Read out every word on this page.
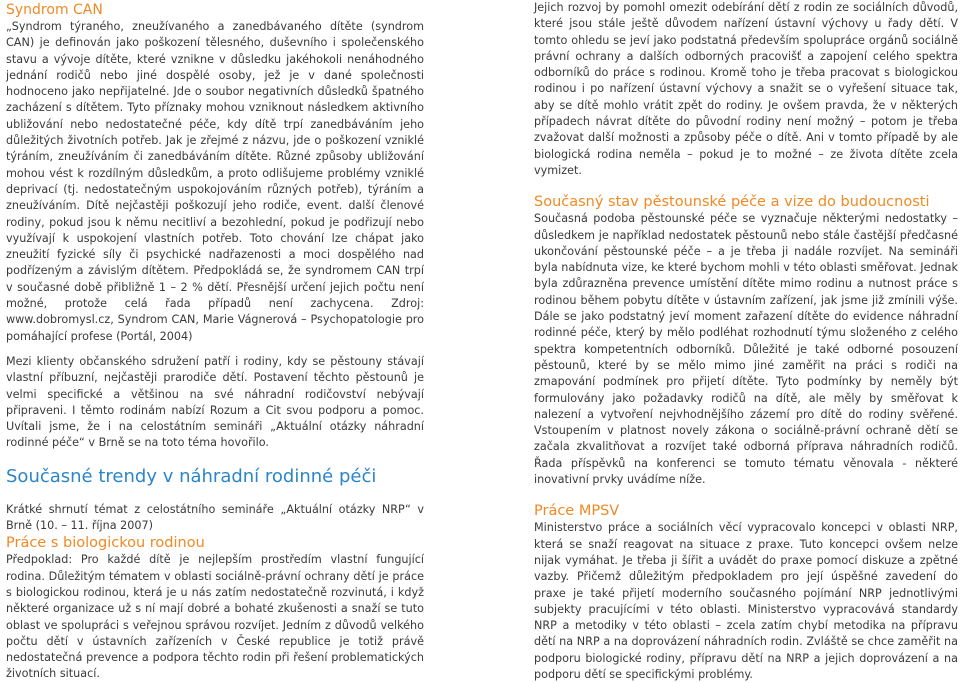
Syndrom CAN

„Syndrom týraného, zneužívaného a zanedbávaného dítěte (syndrom CAN) je definován jako poškození tělesného, duševního i společenského stavu a vývoje dítěte, které vznikne v důsledku jakéhokoli nenáhodného jednání rodičů nebo jiné dospělé osoby, jež je v dané společnosti hodnoceno jako nepřijatelné. Jde o soubor negativních důsledků špatného zacházení s dítětem. Tyto příznaky mohou vzniknout následkem aktivního ubližování nebo nedostatečné péče, kdy dítě trpí zanedbáváním jeho důležitých životních potřeb. Jak je zřejmé z názvu, jde o poškození vzniklé týráním, zneužíváním či zanedbáváním dítěte. Různé způsoby ubližování mohou vést k rozdílným důsledkům, a proto odlišujeme problémy vzniklé deprivací (tj. nedostatečným uspokojováním různých potřeb), týráním a zneužíváním. Dítě nejčastěji poškozují jeho rodiče, event. další členové rodiny, pokud jsou k němu necitliví a bezohlední, pokud je podřizují nebo využívají k uspokojení vlastních potřeb. Toto chování lze chápat jako zneužití fyzické síly či psychické nadřazenosti a moci dospělého nad podřízeným a závislým dítětem. Předpokládá se, že syndromem CAN trpí v současné době přibližně 1 – 2 % dětí. Přesnější určení jejich počtu není možné, protože celá řada případů není zachycena. Zdroj: www.dobromysl.cz, Syndrom CAN, Marie Vágnerová – Psychopatologie pro pomáhající profese (Portál, 2004)

Mezi klienty občanského sdružení patří i rodiny, kdy se pěstouny stávají vlastní příbuzní, nejčastěji prarodiče dětí. Postavení těchto pěstounů je velmi specifické a většinou na své náhradní rodičovství nebývají připraveni. I těmto rodinám nabízí Rozum a Cit svou podporu a pomoc. Uvítali jsme, že i na celostátním semináři „Aktuální otázky náhradní rodinné péče“ v Brně se na toto téma hovořilo.

Současné trendy v náhradní rodinné péči

Krátké shrnutí témat z celostátního semináře „Aktuální otázky NRP“ v Brně (10. – 11. října 2007)

Práce s biologickou rodinou

Předpoklad: Pro každé dítě je nejlepším prostředím vlastní fungující rodina. Důležitým tématem v oblasti sociálně-právní ochrany dětí je práce s biologickou rodinou, která je u nás zatím nedostatečně rozvinutá, i když některé organizace už s ní mají dobré a bohaté zkušenosti a snaží se tuto oblast ve spolupráci s veřejnou správou rozvíjet. Jedním z důvodů velkého počtu dětí v ústavních zařízeních v České republice je totiž právě nedostatečná prevence a podpora těchto rodin při řešení problematických životních situací.

Jejich rozvoj by pomohl omezit odebírání dětí z rodin ze sociálních důvodů, které jsou stále ještě důvodem nařízení ústavní výchovy u řady dětí. V tomto ohledu se jeví jako podstatná především spolupráce orgánů sociálně právní ochrany a dalších odborných pracovišť a zapojení celého spektra odborníků do práce s rodinou. Kromě toho je třeba pracovat s biologickou rodinou i po nařízení ústavní výchovy a snažit se o vyřešení situace tak, aby se dítě mohlo vrátit zpět do rodiny. Je ovšem pravda, že v některých případech návrat dítěte do původní rodiny není možný – potom je třeba zvažovat další možnosti a způsoby péče o dítě. Ani v tomto případě by ale biologická rodina neměla – pokud je to možné – ze života dítěte zcela vymizet.

Současný stav pěstounské péče a vize do budoucnosti

Současná podoba pěstounské péče se vyznačuje některými nedostatky – důsledkem je například nedostatek pěstounů nebo stále častější předčasné ukončování pěstounské péče – a je třeba ji nadále rozvíjet. Na semináři byla nabídnuta vize, ke které bychom mohli v této oblasti směřovat. Jednak byla zdůrazněna prevence umístění dítěte mimo rodinu a nutnost práce s rodinou během pobytu dítěte v ústavním zařízení, jak jsme již zmínili výše. Dále se jako podstatný jeví moment zařazení dítěte do evidence náhradní rodinné péče, který by mělo podléhat rozhodnutí týmu složeného z celého spektra kompetentních odborníků. Důležité je také odborné posouzení pěstounů, které by se mělo mimo jiné zaměřit na práci s rodiči na zmapování podmínek pro přijetí dítěte. Tyto podmínky by neměly být formulovány jako požadavky rodičů na dítě, ale měly by směřovat k nalezení a vytvoření nejvhodnějšího zázemí pro dítě do rodiny svěřené. Vstoupením v platnost novely zákona o sociálně-právní ochraně dětí se začala zkvalitňovat a rozvíjet také odborná příprava náhradních rodičů. Řada příspěvků na konferenci se tomuto tématu věnovala - některé inovativní prvky uvádíme níže.

Práce MPSV

Ministerstvo práce a sociálních věcí vypracovalo koncepci v oblasti NRP, která se snaží reagovat na situace z praxe. Tuto koncepci ovšem nelze nijak vymáhat. Je třeba ji šířit a uvádět do praxe pomocí diskuze a zpětné vazby. Přičemž důležitým předpokladem pro její úspěšné zavedení do praxe je také přijetí moderního současného pojímání NRP jednotlivými subjekty pracujícími v této oblasti. Ministerstvo vypracovává standardy NRP a metodiky v této oblasti – zcela zatím chybí metodika na přípravu dětí na NRP a na doprovázení náhradních rodin. Zvláště se chce zaměřit na podporu biologické rodiny, přípravu dětí na NRP a jejich doprovázení a na podporu dětí se specifickými problémy.
